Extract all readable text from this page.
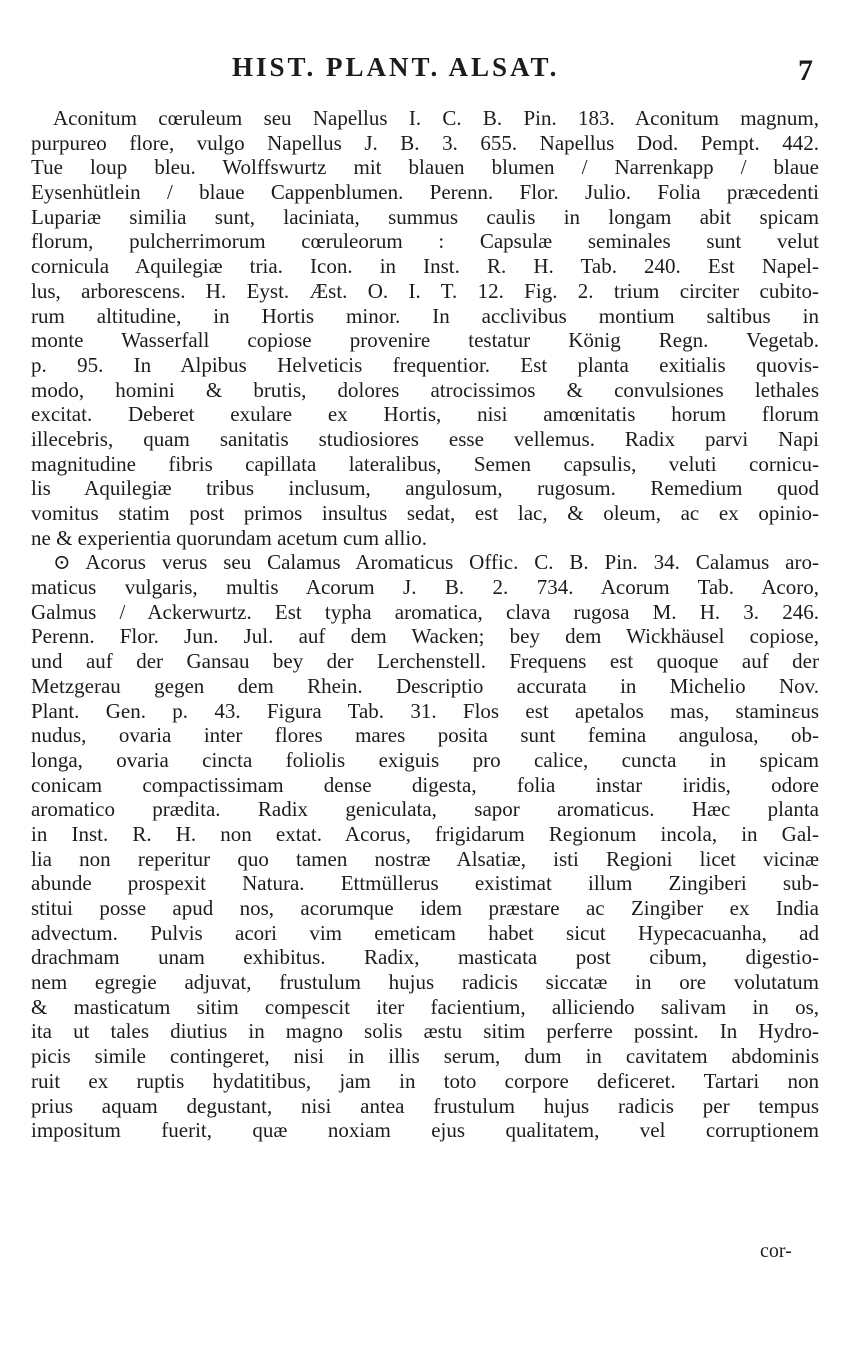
HIST. PLANT. ALSAT.	7
Aconitum cœruleum seu Napellus I. C. B. Pin. 183. Aconitum magnum,
purpureo flore, vulgo Napellus J. B. 3. 655. Napellus Dod. Pempt. 442.
Tue loup bleu. Wolffswurtz mit blauen blumen / Narrenkapp / blaue
Eysenhütlein / blaue Cappenblumen. Perenn. Flor. Julio. Folia præcedenti
Lupariæ similia sunt, laciniata, summus caulis in longam abit spicam
florum, pulcherrimorum cœruleorum : Capsulæ seminales sunt velut
cornicula Aquilegiæ tria. Icon. in Inst. R. H. Tab. 240. Est Napel-
lus, arborescens. H. Eyst. Æst. O. I. T. 12. Fig. 2. trium circiter cubito-
rum altitudine, in Hortis minor. In acclivibus montium saltibus in
monte Wasserfall copiose provenire testatur König Regn. Vegetab.
p. 95. In Alpibus Helveticis frequentior. Est planta exitialis quovis-
modo, homini & brutis, dolores atrocissimos & convulsiones lethales
excitat. Deberet exulare ex Hortis, nisi amœnitatis horum florum
illecebris, quam sanitatis studiosiores esse vellemus. Radix parvi Napi
magnitudine fibris capillata lateralibus, Semen capsulis, veluti cornicu-
lis Aquilegiæ tribus inclusum, angulosum, rugosum. Remedium quod
vomitus statim post primos insultus sedat, est lac, & oleum, ac ex opinio-
ne & experientia quorundam acetum cum allio.
⊙ Acorus verus seu Calamus Aromaticus Offic. C. B. Pin. 34. Calamus aro-
maticus vulgaris, multis Acorum J. B. 2. 734. Acorum Tab. Acoro,
Galmus / Ackerwurtz. Est typha aromatica, clava rugosa M. H. 3. 246.
Perenn. Flor. Jun. Jul. auf dem Wacken; bey dem Wickhäusel copiose,
und auf der Gansau bey der Lerchenstell. Frequens est quoque auf der
Metzgerau gegen dem Rhein. Descriptio accurata in Michelio Nov.
Plant. Gen. p. 43. Figura Tab. 31. Flos est apetalos mas, staminεus
nudus, ovaria inter flores mares posita sunt femina angulosa, ob-
longa, ovaria cincta foliolis exiguis pro calice, cuncta in spicam
conicam compactissimam dense digesta, folia instar iridis, odore
aromatico prædita. Radix geniculata, sapor aromaticus. Hæc planta
in Inst. R. H. non extat. Acorus, frigidarum Regionum incola, in Gal-
lia non reperitur quo tamen nostræ Alsatiæ, isti Regioni licet vicinæ
abunde prospexit Natura. Ettmüllerus existimat illum Zingiberi sub-
stitui posse apud nos, acorumque idem præstare ac Zingiber ex India
advectum. Pulvis acori vim emeticam habet sicut Hypecacuanha, ad
drachmam unam exhibitus. Radix, masticata post cibum, digestio-
nem egregie adjuvat, frustulum hujus radicis siccatæ in ore volutatum
& masticatum sitim compescit iter facientium, alliciendo salivam in os,
ita ut tales diutius in magno solis æstu sitim perferre possint. In Hydro-
picis simile contingeret, nisi in illis serum, dum in cavitatem abdominis
ruit ex ruptis hydatitibus, jam in toto corpore deficeret. Tartari non
prius aquam degustant, nisi antea frustulum hujus radicis per tempus
impositum fuerit, quæ noxiam ejus qualitatem, vel corruptionem
cor-
